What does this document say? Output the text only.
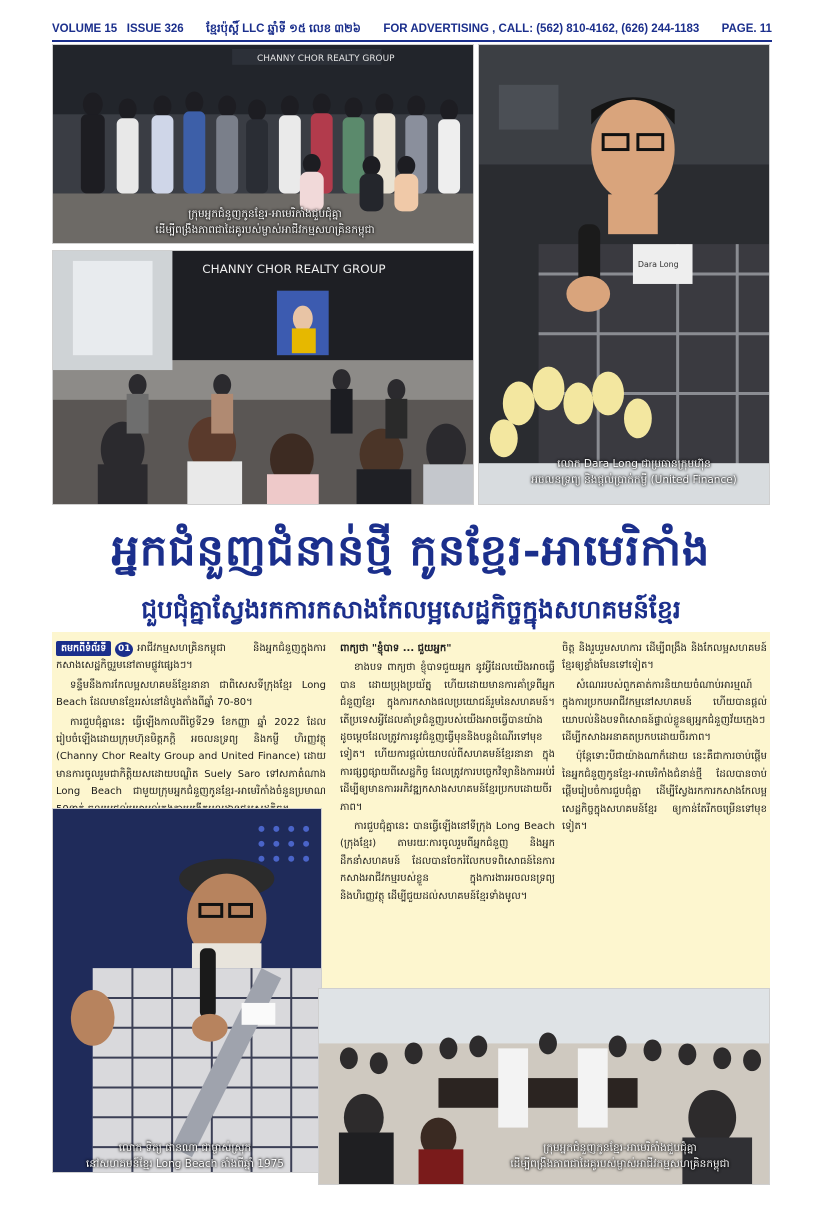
VOLUME 15 ISSUE 326 ខ្មែរប៉ុស្ដិ៍ LLC ឆ្នាំទី ១៥ លេខ ៣២៦ FOR ADVERTISING , CALL: (562) 810-4162, (626) 244-1183 PAGE. 11
CHANNY CHOR REALTY GROUP
ក្រុមអ្នកជំនួញកូនខ្មែរ-អាមេរិកាំងជួបជុំគ្នា
ដើម្បីពង្រឹងភាពជាដៃគូរបស់ម្ចាស់អាជីវកម្មសហគ្រិនកម្ពុជា
CHANNY CHOR REALTY GROUP	Dara Long
លោក Dara Long ជាប្រធានក្រុមហ៊ុន
អចលនទ្រព្យ និងផ្ដល់ប្រាក់កម្ចី (United Finance)
អ្នកជំនួញជំនាន់ថ្មី កូនខ្មែរ-អាមេរិកាំង
ជួបជុំគ្នាស្វែងរកការកសាងកែលម្អសេដ្ឋកិច្ចក្នុងសហគមន៍ខ្មែរ

តមកពីទំព័រទី 01 អាជីវកម្មសហគ្រិនកម្ពុជា និងអ្នកជំនួញក្នុងការកសាងសេដ្ឋកិច្ចរួមនៅតាមផ្លូវផ្សេងៗ។

ទន្ទឹមនឹងការកែលម្អសហគមន៍ខ្មែរនានា ជាពិសេសទីក្រុងខ្មែរ Long Beach ដែលមានខ្មែររស់នៅដំបូងតាំងពីឆ្នាំ 70-80។

ការជួបជុំគ្នានេះ ធ្វើឡើងកាលពីថ្ងៃទី29 ខែកញ្ញា ឆ្នាំ 2022 ដែលរៀបចំឡើងដោយក្រុមហ៊ុនមិត្តភក្តិ អចលនទ្រព្យ និងកម្ចី ហិរញ្ញវត្ថុ (Channy Chor Realty Group and United Finance) ដោយមានការចូលរួមជាកិត្តិយសដោយបណ្ឌិត Suely Saro ទៅសភាតំណាង Long Beach ជាមួយក្រុមអ្នកជំនួញកូនខ្មែរ-អាមេរិកាំងចំនួនប្រមាណ

ពាក្យថា "ខ្ញុំបាទ ... ជួយអ្នក"

ខាងបទ ពាក្យថា ខ្ញុំបាទជួយអ្នក នូវអ្វីដែលយើងអាចធ្វើបាន ដោយប្រុងប្រយ័ត្ន ហើយដោយមានការគាំទ្រពីអ្នកជំនួញខ្មែរ ក្នុងការកសាងផលប្រយោជន៍រួមនៃសហគមន៍។ តើប្រទេសអ្វីដែលគាំទ្រជំនួញរបស់យើងអាចធ្វើបានយ៉ាងដូចម្ដេចដែលត្រូវការនូវជំនួញធ្វើមុននិងបន្តដំណើរទៅមុខទៀត។ ហើយការផ្ដល់យោបល់ពីសហគមន៍ខ្មែរនានា ក្នុងការផ្សព្វផ្សាយពីសេដ្ឋកិច្ច ដែលត្រូវការបច្ចេកវិទ្យានិងការអប់រំ ដើម្បីឲ្យមានការអភិវឌ្ឍកសាងសហគមន៍ខ្មែរប្រកបដោយចីរភាព។

ការជួបជុំគ្នានេះ បានធ្វើឡើងនៅទីក្រុង Long Beach (ក្រុងខ្មែរ) តាមរយៈការចូលរួមពីអ្នកជំនួញ និងអ្នកដឹកនាំសហគមន៍ ដែលបានចែករំលែកបទពិសោធន៍នៃការកសាងអាជីវកម្មរបស់ខ្លួន ក្នុងការងារអចលនទ្រព្យ និងហិរញ្ញវត្ថុ ដើម្បីជួយដល់សហគមន៍ខ្មែរទាំងមូល។

ចិត្ត និងរួបរួមសហការ ដើម្បីពង្រឹង និងកែលម្អសហគមន៍ខ្មែរឲ្យខ្លាំងមែនទៅទៀត។

សំណេររបស់ពួកគាត់ការនិយាយចំណាប់អារម្មណ៍ ក្នុងការប្រកបអាជីវកម្មនៅសហគមន៍ ហើយបានផ្ដល់យោបល់និងបទពិសោធន៍ផ្ទាល់ខ្លួនឲ្យអ្នកជំនួញវ័យក្មេងៗ ដើម្បីកសាងអនាគតប្រកបដោយចីរភាព។

ប៉ុន្តែទោះបីជាយ៉ាងណាក៏ដោយ នេះគឺជាការចាប់ផ្ដើមនៃអ្នកជំនួញកូនខ្មែរ-អាមេរិកាំងជំនាន់ថ្មី ដែលបានចាប់ផ្ដើមរៀបចំការជួបជុំគ្នា ដើម្បីស្វែងរកការកសាងកែលម្អសេដ្ឋកិច្ចក្នុងសហគមន៍ខ្មែរ ឲ្យកាន់តែរីកចម្រើនទៅមុខទៀត។

លោក ទិត្យ ផានណា ជាម្ចាស់ស្រុក
នៅសហគមន៍ខ្មែរ Long Beach តាំងពីឆ្នាំ 1975
ក្រុមអ្នកជំនួញកូនខ្មែរ-អាមេរិកាំងជួបជុំគ្នា
ដើម្បីពង្រឹងភាពជាដៃគូរបស់ម្ចាស់អាជីវកម្មសហគ្រិនកម្ពុជា
